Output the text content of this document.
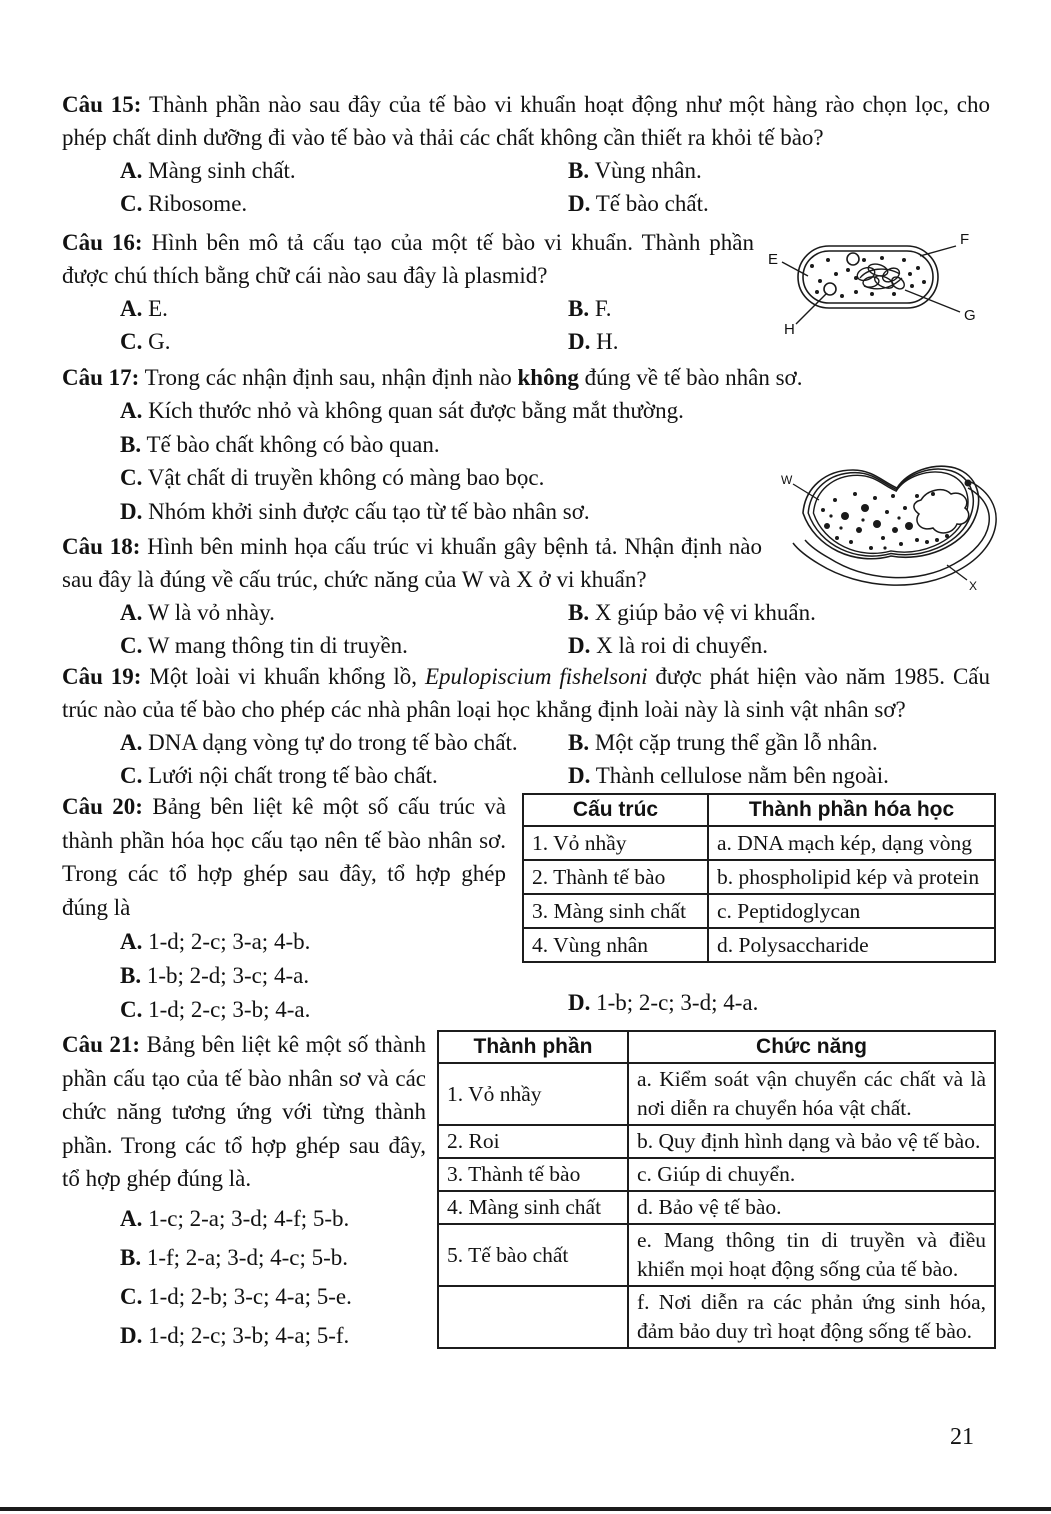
Câu 15: Thành phần nào sau đây của tế bào vi khuẩn hoạt động như một hàng rào chọn lọc, cho phép chất dinh dưỡng đi vào tế bào và thải các chất không cần thiết ra khỏi tế bào?
A. Màng sinh chất.	B. Vùng nhân.
C. Ribosome.	D. Tế bào chất.
Câu 16: Hình bên mô tả cấu tạo của một tế bào vi khuẩn. Thành phần được chú thích bằng chữ cái nào sau đây là plasmid?
A. E.	B. F.
C. G.	D. H.
E
F
G
H
Câu 17: Trong các nhận định sau, nhận định nào không đúng về tế bào nhân sơ.
A. Kích thước nhỏ và không quan sát được bằng mắt thường.
B. Tế bào chất không có bào quan.
C. Vật chất di truyền không có màng bao bọc.
D. Nhóm khởi sinh được cấu tạo từ tế bào nhân sơ.
W
X
Câu 18: Hình bên minh họa cấu trúc vi khuẩn gây bệnh tả. Nhận định nào sau đây là đúng về cấu trúc, chức năng của W và X ở vi khuẩn?
A. W là vỏ nhày.	B. X giúp bảo vệ vi khuẩn.
C. W mang thông tin di truyền.	D. X là roi di chuyển.
Câu 19: Một loài vi khuẩn khổng lồ, Epulopiscium fishelsoni được phát hiện vào năm 1985. Cấu trúc nào của tế bào cho phép các nhà phân loại học khẳng định loài này là sinh vật nhân sơ?
A. DNA dạng vòng tự do trong tế bào chất.	B. Một cặp trung thể gần lỗ nhân.
C. Lưới nội chất trong tế bào chất.	D. Thành cellulose nằm bên ngoài.
Câu 20: Bảng bên liệt kê một số cấu trúc và thành phần hóa học cấu tạo nên tế bào nhân sơ. Trong các tổ hợp ghép sau đây, tổ hợp ghép đúng là
A. 1-d; 2-c; 3-a; 4-b.
B. 1-b; 2-d; 3-c; 4-a.
C. 1-d; 2-c; 3-b; 4-a.	D. 1-b; 2-c; 3-d; 4-a.
Cấu trúc	Thành phần hóa học
1. Vỏ nhầy	a. DNA mạch kép, dạng vòng
2. Thành tế bào	b. phospholipid kép và protein
3. Màng sinh chất	c. Peptidoglycan
4. Vùng nhân	d. Polysaccharide
Câu 21: Bảng bên liệt kê một số thành phần cấu tạo của tế bào nhân sơ và các chức năng tương ứng với từng thành phần. Trong các tổ hợp ghép sau đây, tổ hợp ghép đúng là.
A. 1-c; 2-a; 3-d; 4-f; 5-b.
B. 1-f; 2-a; 3-d; 4-c; 5-b.
C. 1-d; 2-b; 3-c; 4-a; 5-e.
D. 1-d; 2-c; 3-b; 4-a; 5-f.
Thành phần	Chức năng
1. Vỏ nhầy	a. Kiểm soát vận chuyển các chất và là nơi diễn ra chuyển hóa vật chất.
2. Roi	b. Quy định hình dạng và bảo vệ tế bào.
3. Thành tế bào	c. Giúp di chuyển.
4. Màng sinh chất	d. Bảo vệ tế bào.
5. Tế bào chất	e. Mang thông tin di truyền và điều khiển mọi hoạt động sống của tế bào.
	f. Nơi diễn ra các phản ứng sinh hóa, đảm bảo duy trì hoạt động sống tế bào.
21
